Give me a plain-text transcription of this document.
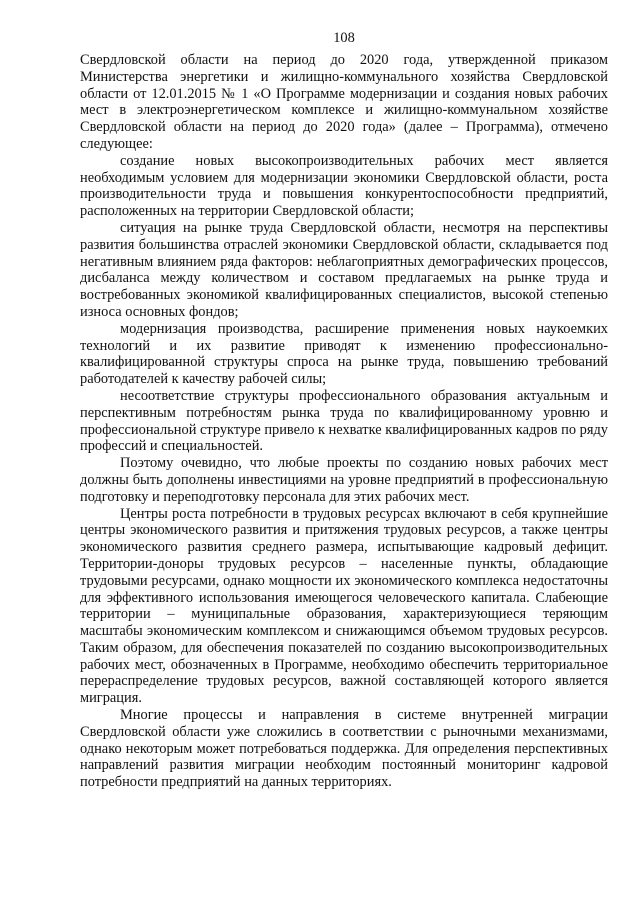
108

Свердловской области на период до 2020 года, утвержденной приказом Министерства энергетики и жилищно-коммунального хозяйства Свердловской области от 12.01.2015 № 1 «О Программе модернизации и создания новых рабочих мест в электроэнергетическом комплексе и жилищно-коммунальном хозяйстве Свердловской области на период до 2020 года» (далее – Программа), отмечено следующее:

создание новых высокопроизводительных рабочих мест является необходимым условием для модернизации экономики Свердловской области, роста производительности труда и повышения конкурентоспособности предприятий, расположенных на территории Свердловской области;

ситуация на рынке труда Свердловской области, несмотря на перспективы развития большинства отраслей экономики Свердловской области, складывается под негативным влиянием ряда факторов: неблагоприятных демографических процессов, дисбаланса между количеством и составом предлагаемых на рынке труда и востребованных экономикой квалифицированных специалистов, высокой степенью износа основных фондов;

модернизация производства, расширение применения новых наукоемких технологий и их развитие приводят к изменению профессионально-квалифицированной структуры спроса на рынке труда, повышению требований работодателей к качеству рабочей силы;

несоответствие структуры профессионального образования актуальным и перспективным потребностям рынка труда по квалифицированному уровню и профессиональной структуре привело к нехватке квалифицированных кадров по ряду профессий и специальностей.

Поэтому очевидно, что любые проекты по созданию новых рабочих мест должны быть дополнены инвестициями на уровне предприятий в профессиональную подготовку и переподготовку персонала для этих рабочих мест.

Центры роста потребности в трудовых ресурсах включают в себя крупнейшие центры экономического развития и притяжения трудовых ресурсов, а также центры экономического развития среднего размера, испытывающие кадровый дефицит. Территории-доноры трудовых ресурсов – населенные пункты, обладающие трудовыми ресурсами, однако мощности их экономического комплекса недостаточны для эффективного использования имеющегося человеческого капитала. Слабеющие территории – муниципальные образования, характеризующиеся теряющим масштабы экономическим комплексом и снижающимся объемом трудовых ресурсов. Таким образом, для обеспечения показателей по созданию высокопроизводительных рабочих мест, обозначенных в Программе, необходимо обеспечить территориальное перераспределение трудовых ресурсов, важной составляющей которого является миграция.

Многие процессы и направления в системе внутренней миграции Свердловской области уже сложились в соответствии с рыночными механизмами, однако некоторым может потребоваться поддержка. Для определения перспективных направлений развития миграции необходим постоянный мониторинг кадровой потребности предприятий на данных территориях.
